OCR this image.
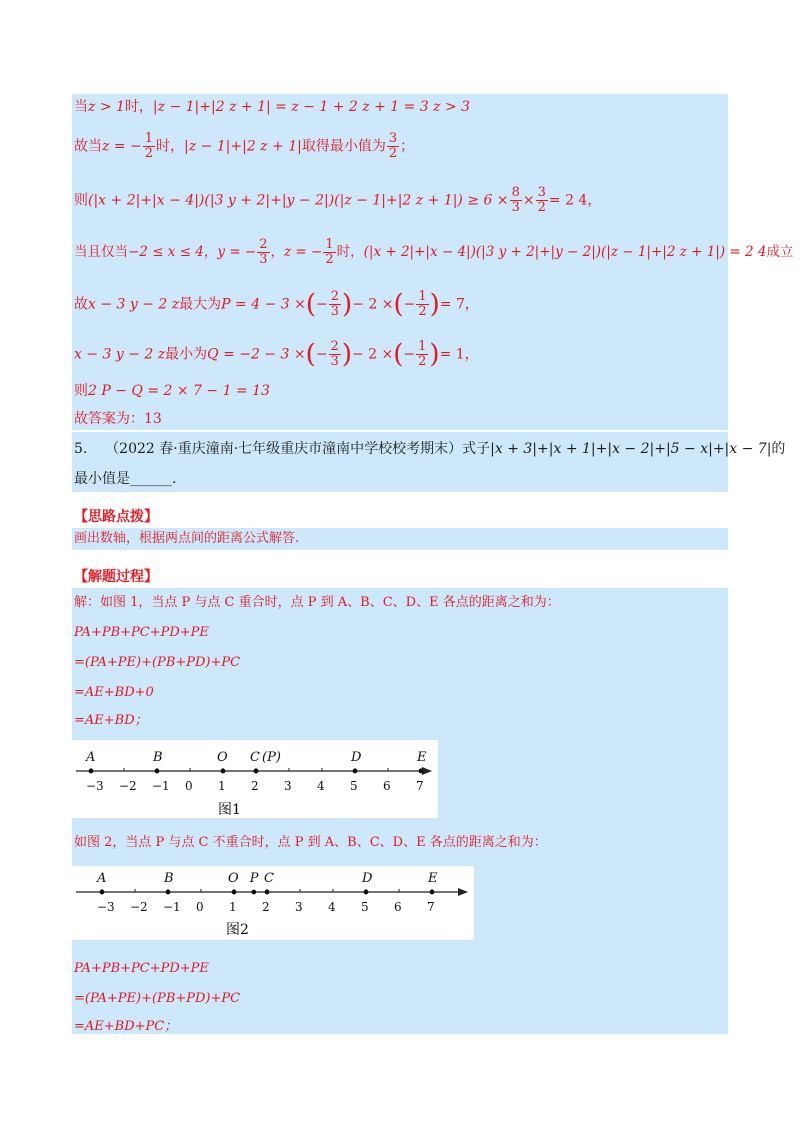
当z > 1时，|z − 1|+|2 z + 1| = z − 1 + 2 z + 1 = 3 z > 3
故当z = − $\frac{1}{2}$ 时，|z − 1|+|2 z + 1|取得最小值为 $\frac{3}{2}$ ；
则(|x + 2|+|x − 4|)(|3 y + 2|+|y − 2|)(|z − 1|+|2 $z + 1|) \ge 6 \times \frac{8}{3} \times \frac{3}{2} = 2$ 4，
当且仅当−2 ≤ x ≤ 4，y = − $\frac{2}{3}$ ，z = − $\frac{1}{2}$ 时，(|x + 2|+|x − 4|)(|3 y + 2|+|y − 2|)(|z − 1|+|2 z + 1|) = 2 4成立
故x − 3 y − 2 z最大为P = 4 − 3 ×(− $\frac{2}{3}$ )− 2 ×(− $\frac{1}{2}$ )= 7，
x − 3 y − 2 z最小为Q = −2 − 3 ×(− $\frac{2}{3}$ )− 2 ×(− $\frac{1}{2}$ )= 1，
则2 P − Q = 2 × 7 − 1 = 13
故答案为：13
5. （2022 春·重庆潼南·七年级重庆市潼南中学校校考期末）式子|x + 3|+|x + 1|+|x − 2|+|5 − x|+|x − 7|的
最小值是______.
【思路点拨】
画出数轴，根据两点间的距离公式解答.
【解题过程】
解：如图 1，当点 P 与点 C 重合时，点 P 到 A、B、C、D、E 各点的距离之和为：
PA+PB+PC+PD+PE
=(PA+PE)+(PB+PD)+PC
=AE+BD+0
=AE+BD；
−3 −2 −1 0 1 2 3 4 5 6 7
A	B	O C (P)	D	E
图1
如图 2，当点 P 与点 C 不重合时，点 P 到 A、B、C、D、E 各点的距离之和为：
−3 −2 −1 0 1 2 3 4 5 6 7
A	B	O P C	D	E
图2
PA+PB+PC+PD+PE
=(PA+PE)+(PB+PD)+PC
=AE+BD+PC；
